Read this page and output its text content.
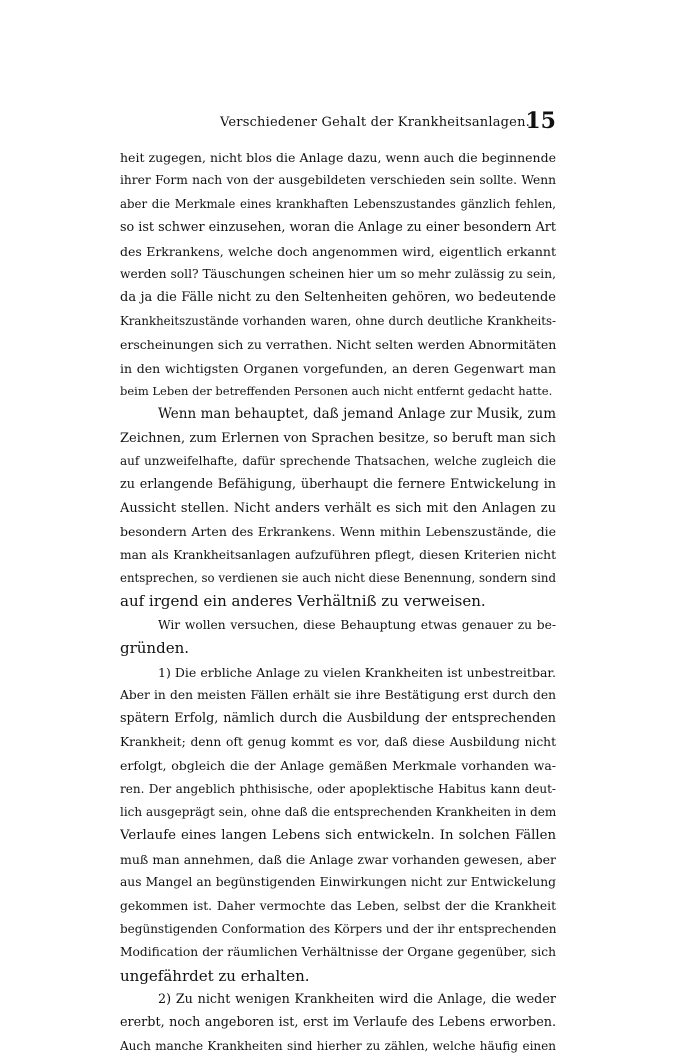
Verschiedener Gehalt der Krankheitsanlagen.
15
heit zugegen, nicht blos die Anlage dazu, wenn auch die beginnende
ihrer Form nach von der ausgebildeten verschieden sein sollte. Wenn
aber die Merkmale eines krankhaften Lebenszustandes gänzlich fehlen,
so ist schwer einzusehen, woran die Anlage zu einer besondern Art
des Erkrankens, welche doch angenommen wird, eigentlich erkannt
werden soll? Täuschungen scheinen hier um so mehr zulässig zu sein,
da ja die Fälle nicht zu den Seltenheiten gehören, wo bedeutende
Krankheitszustände vorhanden waren, ohne durch deutliche Krankheits-
erscheinungen sich zu verrathen. Nicht selten werden Abnormitäten
in den wichtigsten Organen vorgefunden, an deren Gegenwart man
beim Leben der betreffenden Personen auch nicht entfernt gedacht hatte.
Wenn man behauptet, daß jemand Anlage zur Musik, zum
Zeichnen, zum Erlernen von Sprachen besitze, so beruft man sich
auf unzweifelhafte, dafür sprechende Thatsachen, welche zugleich die
zu erlangende Befähigung, überhaupt die fernere Entwickelung in
Aussicht stellen. Nicht anders verhält es sich mit den Anlagen zu
besondern Arten des Erkrankens. Wenn mithin Lebenszustände, die
man als Krankheitsanlagen aufzuführen pflegt, diesen Kriterien nicht
entsprechen, so verdienen sie auch nicht diese Benennung, sondern sind
auf irgend ein anderes Verhältniß zu verweisen.
Wir wollen versuchen, diese Behauptung etwas genauer zu be-
gründen.
1) Die erbliche Anlage zu vielen Krankheiten ist unbestreitbar.
Aber in den meisten Fällen erhält sie ihre Bestätigung erst durch den
spätern Erfolg, nämlich durch die Ausbildung der entsprechenden
Krankheit; denn oft genug kommt es vor, daß diese Ausbildung nicht
erfolgt, obgleich die der Anlage gemäßen Merkmale vorhanden wa-
ren. Der angeblich phthisische, oder apoplektische Habitus kann deut-
lich ausgeprägt sein, ohne daß die entsprechenden Krankheiten in dem
Verlaufe eines langen Lebens sich entwickeln. In solchen Fällen
muß man annehmen, daß die Anlage zwar vorhanden gewesen, aber
aus Mangel an begünstigenden Einwirkungen nicht zur Entwickelung
gekommen ist. Daher vermochte das Leben, selbst der die Krankheit
begünstigenden Conformation des Körpers und der ihr entsprechenden
Modification der räumlichen Verhältnisse der Organe gegenüber, sich
ungefährdet zu erhalten.
2) Zu nicht wenigen Krankheiten wird die Anlage, die weder
ererbt, noch angeboren ist, erst im Verlaufe des Lebens erworben.
Auch manche Krankheiten sind hierher zu zählen, welche häufig einen
